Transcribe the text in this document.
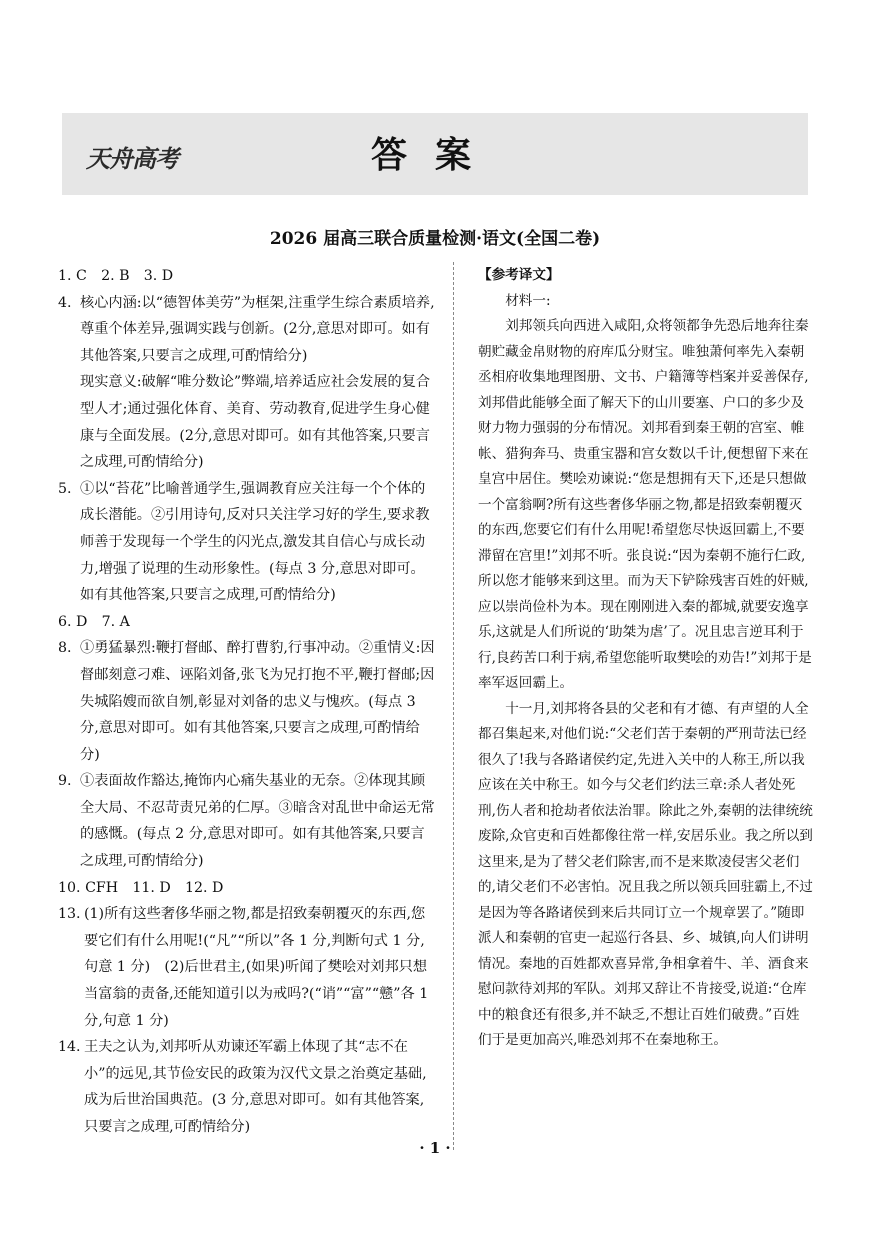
天舟高考	答案
2026 届高三联合质量检测·语文(全国二卷)
1. C　2. B　3. D
4. 核心内涵:以“德智体美劳”为框架,注重学生综合素质培养,尊重个体差异,强调实践与创新。(2分,意思对即可。如有其他答案,只要言之成理,可酌情给分)
现实意义:破解“唯分数论”弊端,培养适应社会发展的复合型人才;通过强化体育、美育、劳动教育,促进学生身心健康与全面发展。(2分,意思对即可。如有其他答案,只要言之成理,可酌情给分)
5. ①以“苔花”比喻普通学生,强调教育应关注每一个个体的成长潜能。②引用诗句,反对只关注学习好的学生,要求教师善于发现每一个学生的闪光点,激发其自信心与成长动力,增强了说理的生动形象性。(每点 3 分,意思对即可。如有其他答案,只要言之成理,可酌情给分)
6. D　7. A
8. ①勇猛暴烈:鞭打督邮、醉打曹豹,行事冲动。②重情义:因督邮刻意刁难、诬陷刘备,张飞为兄打抱不平,鞭打督邮;因失城陷嫂而欲自刎,彰显对刘备的忠义与愧疚。(每点 3 分,意思对即可。如有其他答案,只要言之成理,可酌情给分)
9. ①表面故作豁达,掩饰内心痛失基业的无奈。②体现其顾全大局、不忍苛责兄弟的仁厚。③暗含对乱世中命运无常的感慨。(每点 2 分,意思对即可。如有其他答案,只要言之成理,可酌情给分)
10. CFH　11. D　12. D
13. (1)所有这些奢侈华丽之物,都是招致秦朝覆灭的东西,您要它们有什么用呢!(“凡”“所以”各 1 分,判断句式 1 分,句意 1 分)　(2)后世君主,(如果)听闻了樊哙对刘邦只想当富翁的责备,还能知道引以为戒吗?(“诮”“富”“戆”各 1 分,句意 1 分)
14. 王夫之认为,刘邦听从劝谏还军霸上体现了其“志不在小”的远见,其节俭安民的政策为汉代文景之治奠定基础,成为后世治国典范。(3 分,意思对即可。如有其他答案,只要言之成理,可酌情给分)

【参考译文】

材料一:

刘邦领兵向西进入咸阳,众将领都争先恐后地奔往秦朝贮藏金帛财物的府库瓜分财宝。唯独萧何率先入秦朝丞相府收集地理图册、文书、户籍簿等档案并妥善保存,刘邦借此能够全面了解天下的山川要塞、户口的多少及财力物力强弱的分布情况。刘邦看到秦王朝的宫室、帷帐、猎狗奔马、贵重宝器和宫女数以千计,便想留下来在皇宫中居住。樊哙劝谏说:“您是想拥有天下,还是只想做一个富翁啊?所有这些奢侈华丽之物,都是招致秦朝覆灭的东西,您要它们有什么用呢!希望您尽快返回霸上,不要滞留在宫里!”刘邦不听。张良说:“因为秦朝不施行仁政,所以您才能够来到这里。而为天下铲除残害百姓的奸贼,应以崇尚俭朴为本。现在刚刚进入秦的都城,就要安逸享乐,这就是人们所说的‘助桀为虐’了。况且忠言逆耳利于行,良药苦口利于病,希望您能听取樊哙的劝告!”刘邦于是率军返回霸上。

十一月,刘邦将各县的父老和有才德、有声望的人全都召集起来,对他们说:“父老们苦于秦朝的严刑苛法已经很久了!我与各路诸侯约定,先进入关中的人称王,所以我应该在关中称王。如今与父老们约法三章:杀人者处死刑,伤人者和抢劫者依法治罪。除此之外,秦朝的法律统统废除,众官吏和百姓都像往常一样,安居乐业。我之所以到这里来,是为了替父老们除害,而不是来欺凌侵害父老们的,请父老们不必害怕。况且我之所以领兵回驻霸上,不过是因为等各路诸侯到来后共同订立一个规章罢了。”随即派人和秦朝的官吏一起巡行各县、乡、城镇,向人们讲明情况。秦地的百姓都欢喜异常,争相拿着牛、羊、酒食来慰问款待刘邦的军队。刘邦又辞让不肯接受,说道:“仓库中的粮食还有很多,并不缺乏,不想让百姓们破费。”百姓们于是更加高兴,唯恐刘邦不在秦地称王。

· 1 ·
